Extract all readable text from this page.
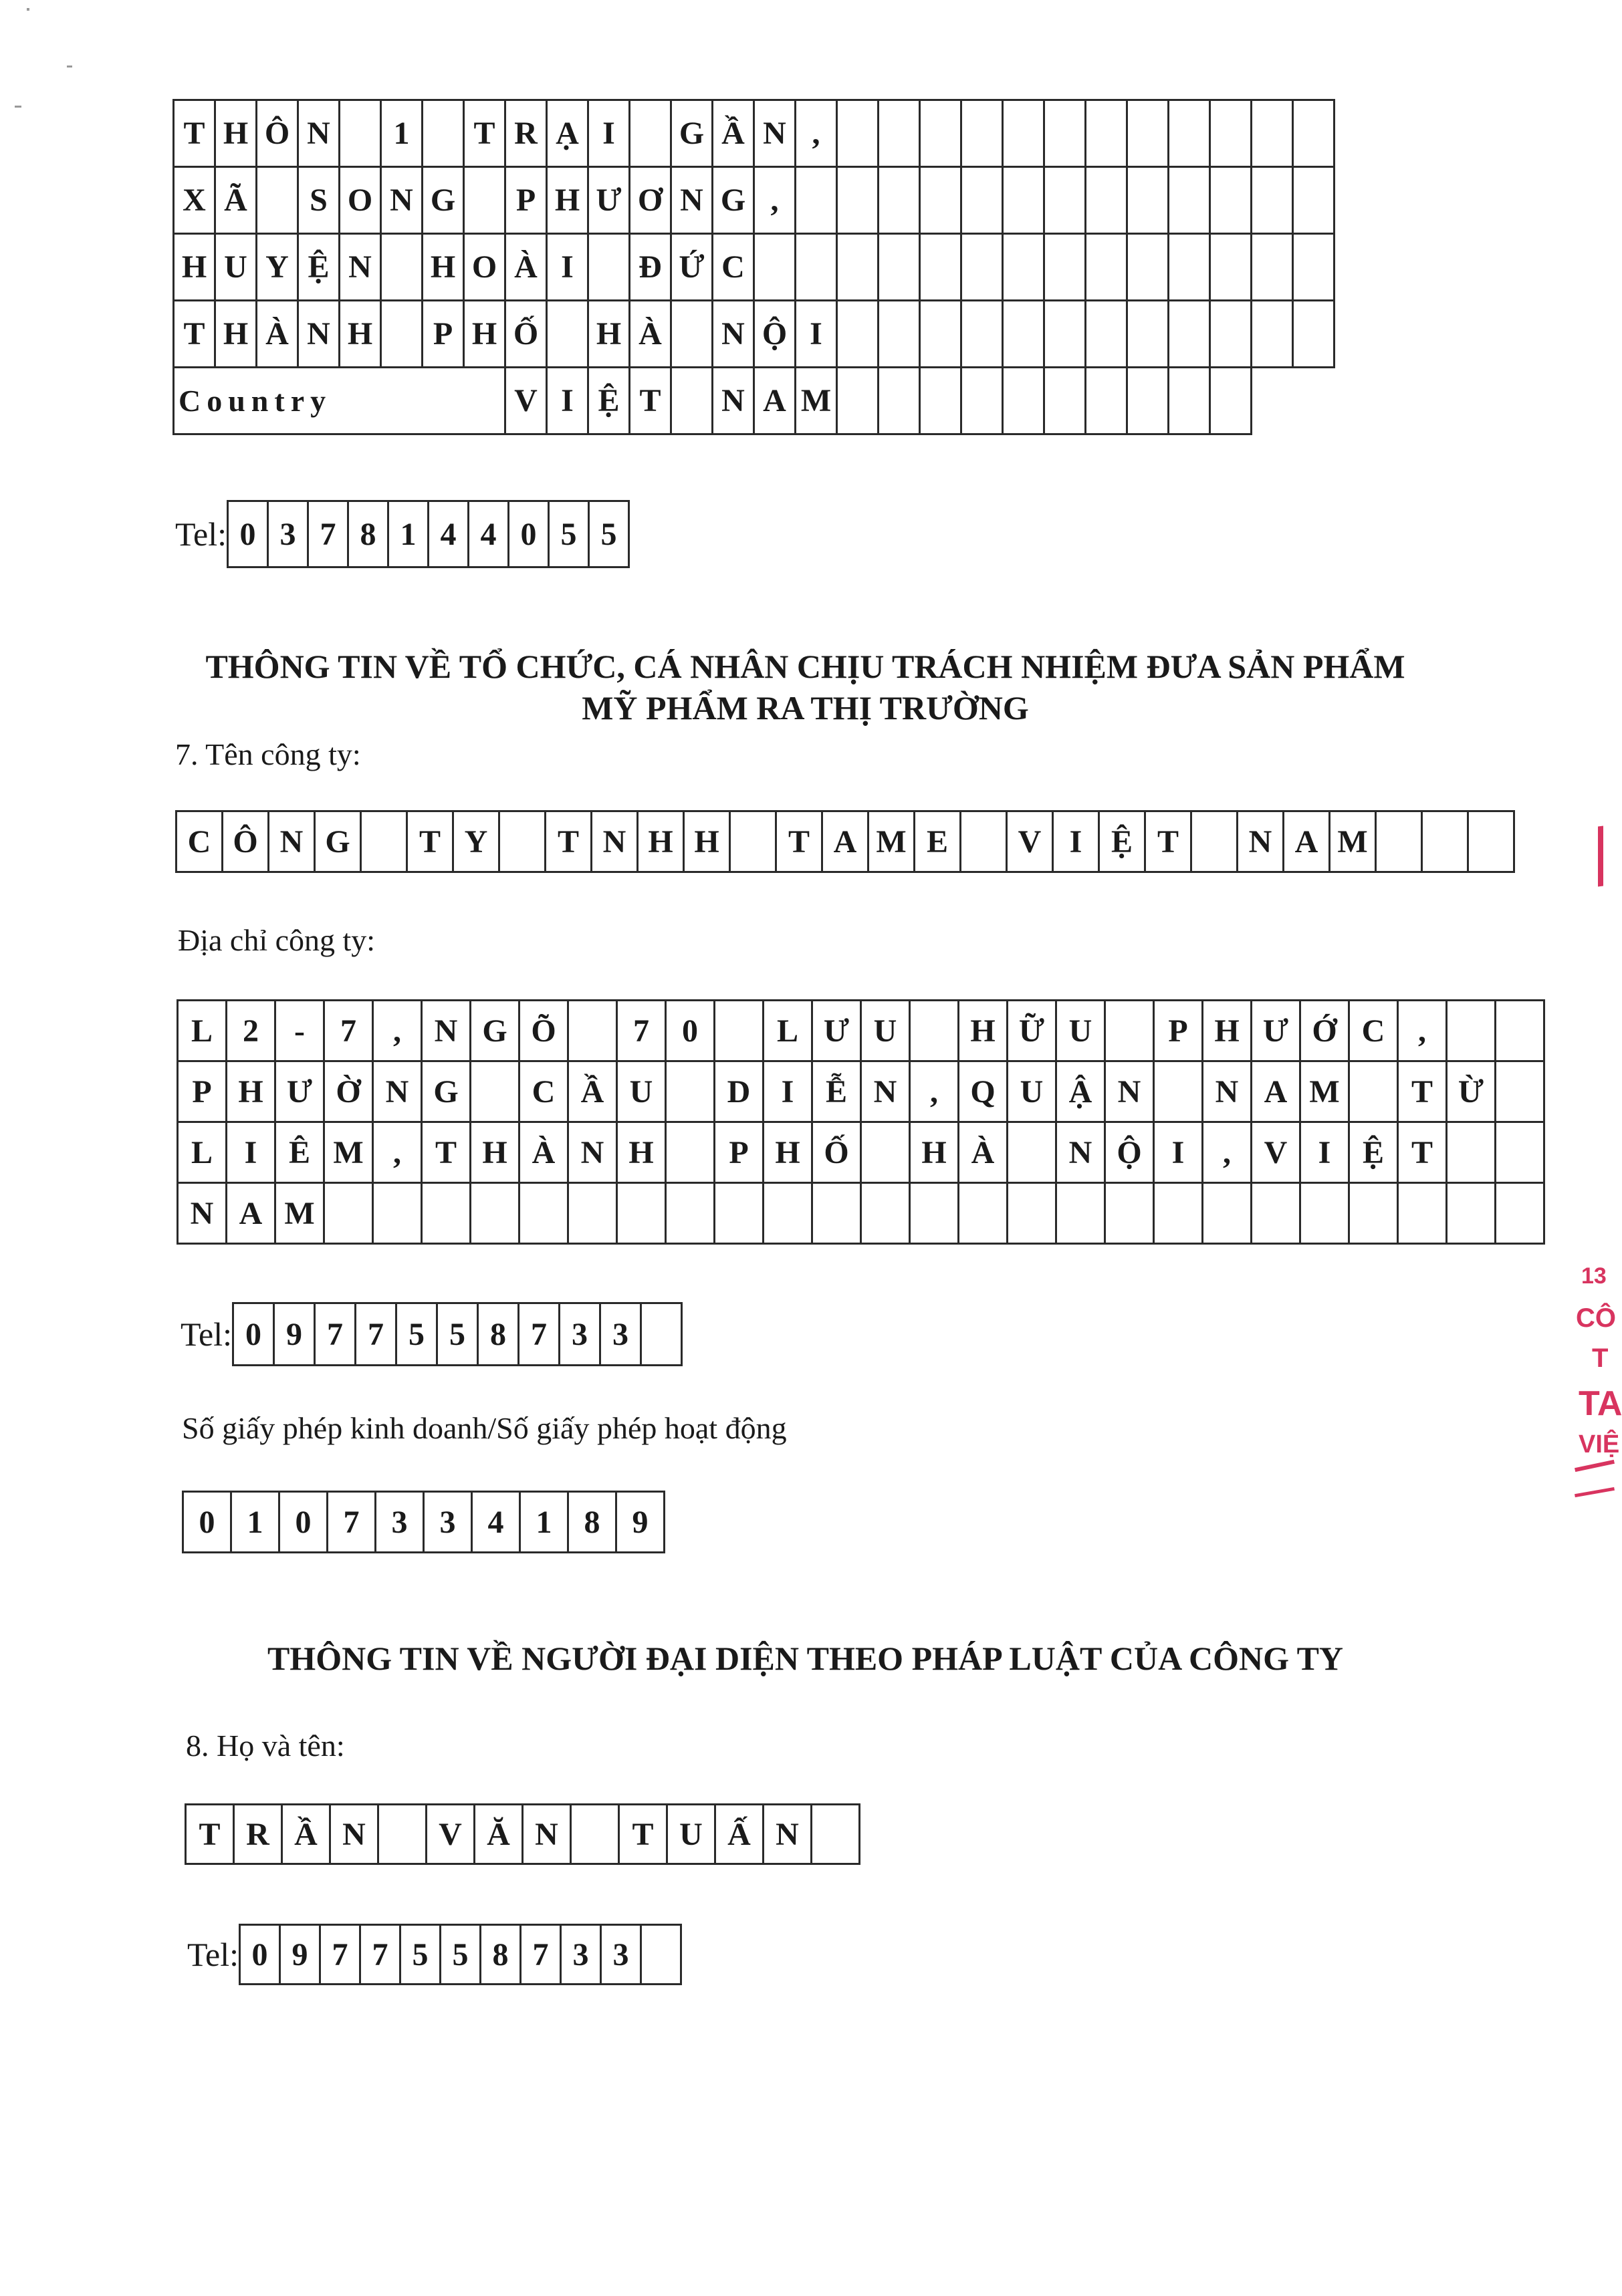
T	H	Ô	N		1		T	R	Ạ	I		G	Ầ	N	,												
X	Ã		S	O	N	G		P	H	Ư	Ơ	N	G	,													
H	U	Y	Ệ	N		H	O	À	I		Đ	Ứ	C														
T	H	À	N	H		P	H	Ố		H	À		N	Ộ	I												
Country								V	I	Ệ	T		N	A	M												
Tel: 0	3	7	8	1	4	4	0	5	5
THÔNG TIN VỀ TỔ CHỨC, CÁ NHÂN CHỊU TRÁCH NHIỆM ĐƯA SẢN PHẨM
MỸ PHẨM RA THỊ TRƯỜNG
7. Tên công ty:
C	Ô	N	G		T	Y		T	N	H	H		T	A	M	E		V	I	Ệ	T		N	A	M			
Địa chỉ công ty:
L	2	-	7	,	N	G	Õ		7	0		L	Ư	U		H	Ữ	U		P	H	Ư	Ớ	C	,		
P	H	Ư	Ờ	N	G		C	Ầ	U		D	I	Ễ	N	,	Q	U	Ậ	N		N	A	M		T	Ừ	
L	I	Ê	M	,	T	H	À	N	H		P	H	Ố		H	À		N	Ộ	I	,	V	I	Ệ	T		
N	A	M																									
Tel: 0	9	7	7	5	5	8	7	3	3	
Số giấy phép kinh doanh/Số giấy phép hoạt động
0	1	0	7	3	3	4	1	8	9
THÔNG TIN VỀ NGƯỜI ĐẠI DIỆN THEO PHÁP LUẬT CỦA CÔNG TY
8. Họ và tên:
T	R	Ầ	N		V	Ă	N		T	U	Ấ	N	
Tel: 0	9	7	7	5	5	8	7	3	3	
13
CÔ
T
TA
VIỆ
